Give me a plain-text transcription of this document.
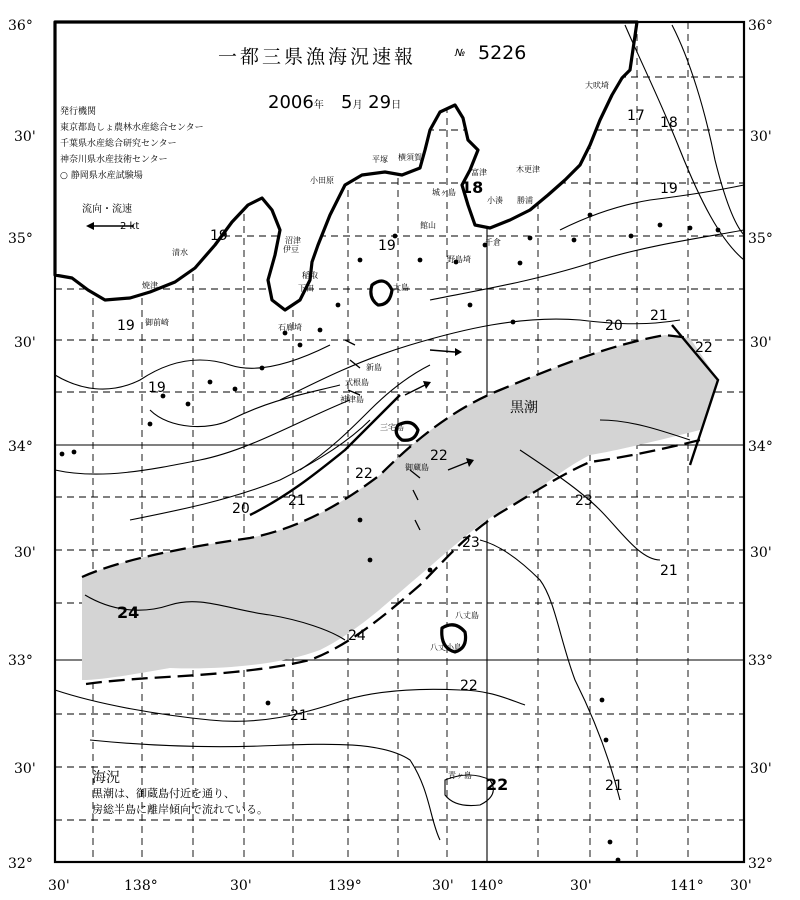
36°	36°
30'	30'
35°	35°
30'	30'
34°	34°
30'	30'
33°	33°
30'	30'
32°	32°
30'	138°	30'	139°	30' 140°	30'	141° 30'
17 18
19
19
19
19
19
20
20
21
21
21
21
21
22
22
22
22
22
23
23
24
24
18
黒潮
大吠埼
木更津
勝浦
小湊
千倉
野島埼
平塚 横須賀
富津
館山
城ヶ島
小田原
沼津
伊豆
稲取
下田
石廊埼
清水
焼津
御前崎
大島
新島
式根島
神津島
三宅島
御蔵島
八丈島
青ヶ島
八丈小島
一都三県漁海況速報	№ 5226
2006年 5月 29日
発行機関
東京都島しょ農林水産総合センター
千葉県水産総合研究センター
神奈川県水産技術センター
○ 静岡県水産試験場
流向・流速
2 kt
海況
黒潮は、御蔵島付近を通り、
房総半島に離岸傾向で流れている。
